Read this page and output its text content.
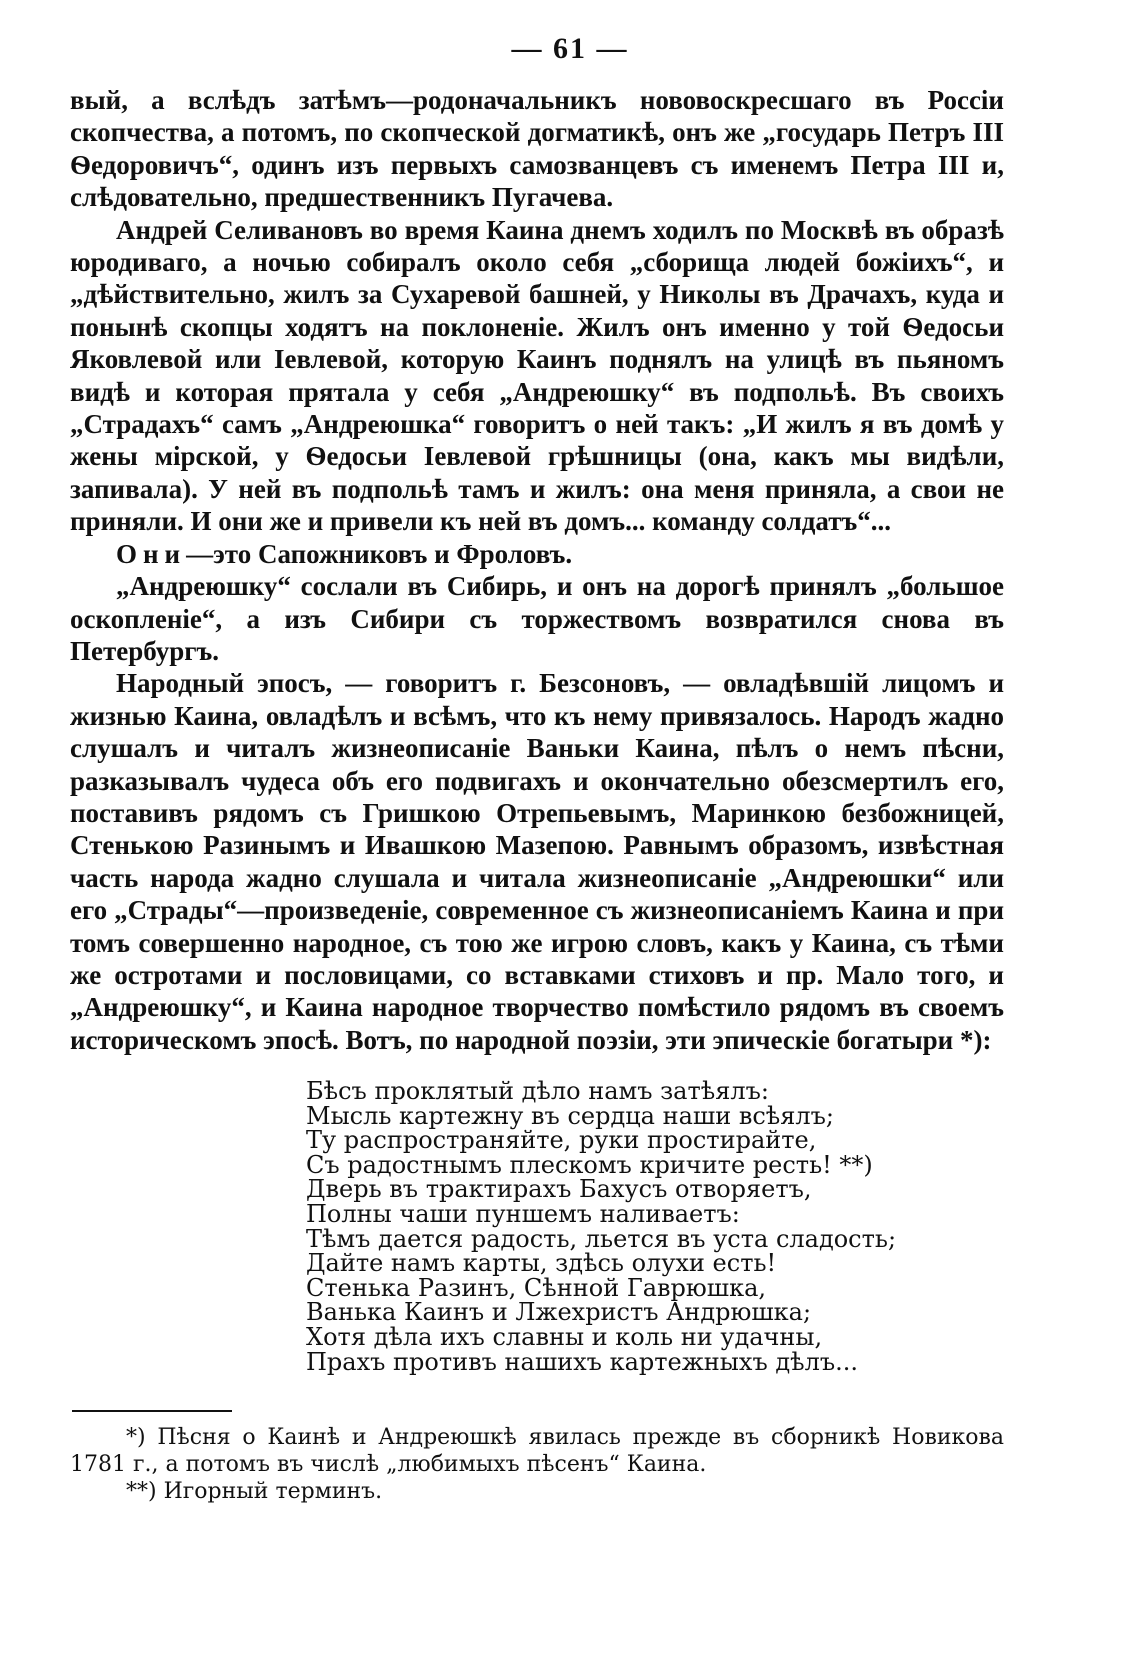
— 61 —

вый, а вслѣдъ затѣмъ—родоначальникъ нововоскресшаго въ Россіи скопчества, а потомъ, по скопческой догматикѣ, онъ же „государь Петръ III Ѳедоровичъ“, одинъ изъ первыхъ самозванцевъ съ именемъ Петра III и, слѣдовательно, предшественникъ Пугачева.

Андрей Селивановъ во время Каина днемъ ходилъ по Москвѣ въ образѣ юродиваго, а ночью собиралъ около себя „сборища людей божіихъ“, и „дѣйствительно, жилъ за Сухаревой башней, у Николы въ Драчахъ, куда и понынѣ скопцы ходятъ на поклоненіе. Жилъ онъ именно у той Ѳедосьи Яковлевой или Іевлевой, которую Каинъ поднялъ на улицѣ въ пьяномъ видѣ и которая прятала у себя „Андреюшку“ въ подпольѣ. Въ своихъ „Страдахъ“ самъ „Андреюшка“ говоритъ о ней такъ: „И жилъ я въ домѣ у жены мірской, у Ѳедосьи Іевлевой грѣшницы (она, какъ мы видѣли, запивала). У ней въ подпольѣ тамъ и жилъ: она меня приняла, а свои не приняли. И они же и привели къ ней въ домъ... команду солдатъ“...

Они—это Сапожниковъ и Фроловъ.

„Андреюшку“ сослали въ Сибирь, и онъ на дорогѣ принялъ „большое оскопленіе“, а изъ Сибири съ торжествомъ возвратился снова въ Петербургъ.

Народный эпосъ, — говоритъ г. Безсоновъ, — овладѣвшій лицомъ и жизнью Каина, овладѣлъ и всѣмъ, что къ нему привязалось. Народъ жадно слушалъ и читалъ жизнеописаніе Ваньки Каина, пѣлъ о немъ пѣсни, разказывалъ чудеса объ его подвигахъ и окончательно обезсмертилъ его, поставивъ рядомъ съ Гришкою Отрепьевымъ, Маринкою безбожницей, Стенькою Разинымъ и Ивашкою Мазепою. Равнымъ образомъ, извѣстная часть народа жадно слушала и читала жизнеописаніе „Андреюшки“ или его „Страды“—произведеніе, современное съ жизнеописаніемъ Каина и при томъ совершенно народное, съ тою же игрою словъ, какъ у Каина, съ тѣми же остротами и пословицами, со вставками стиховъ и пр. Мало того, и „Андреюшку“, и Каина народное творчество помѣстило рядомъ въ своемъ историческомъ эпосѣ. Вотъ, по народной поэзіи, эти эпическіе богатыри *):

Бѣсъ проклятый дѣло намъ затѣялъ:
Мысль картежну въ сердца наши всѣялъ;
Ту распространяйте, руки простирайте,
Съ радостнымъ плескомъ кричите ресть! **)
Дверь въ трактирахъ Бахусъ отворяетъ,
Полны чаши пуншемъ наливаетъ:
Тѣмъ дается радость, льется въ уста сладость;
Дайте намъ карты, здѣсь олухи есть!
Стенька Разинъ, Сѣнной Гаврюшка,
Ванька Каинъ и Лжехристъ Андрюшка;
Хотя дѣла ихъ славны и коль ни удачны,
Прахъ противъ нашихъ картежныхъ дѣлъ...

*) Пѣсня о Каинѣ и Андреюшкѣ явилась прежде въ сборникѣ Новикова 1781 г., а потомъ въ числѣ „любимыхъ пѣсенъ“ Каина.

**) Игорный терминъ.
